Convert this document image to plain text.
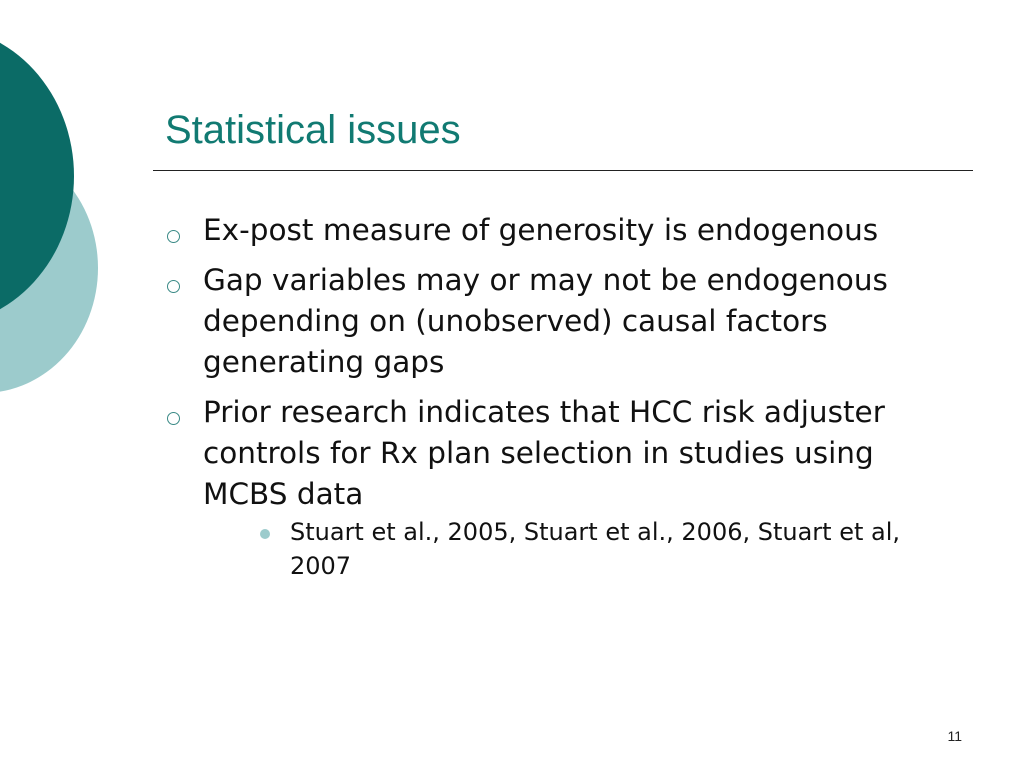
Statistical issues
Ex-post measure of generosity is endogenous
Gap variables may or may not be endogenous depending on (unobserved) causal factors generating gaps
Prior research indicates that HCC risk adjuster controls for Rx plan selection in studies using MCBS data
Stuart et al., 2005, Stuart et al., 2006, Stuart et al, 2007
11
